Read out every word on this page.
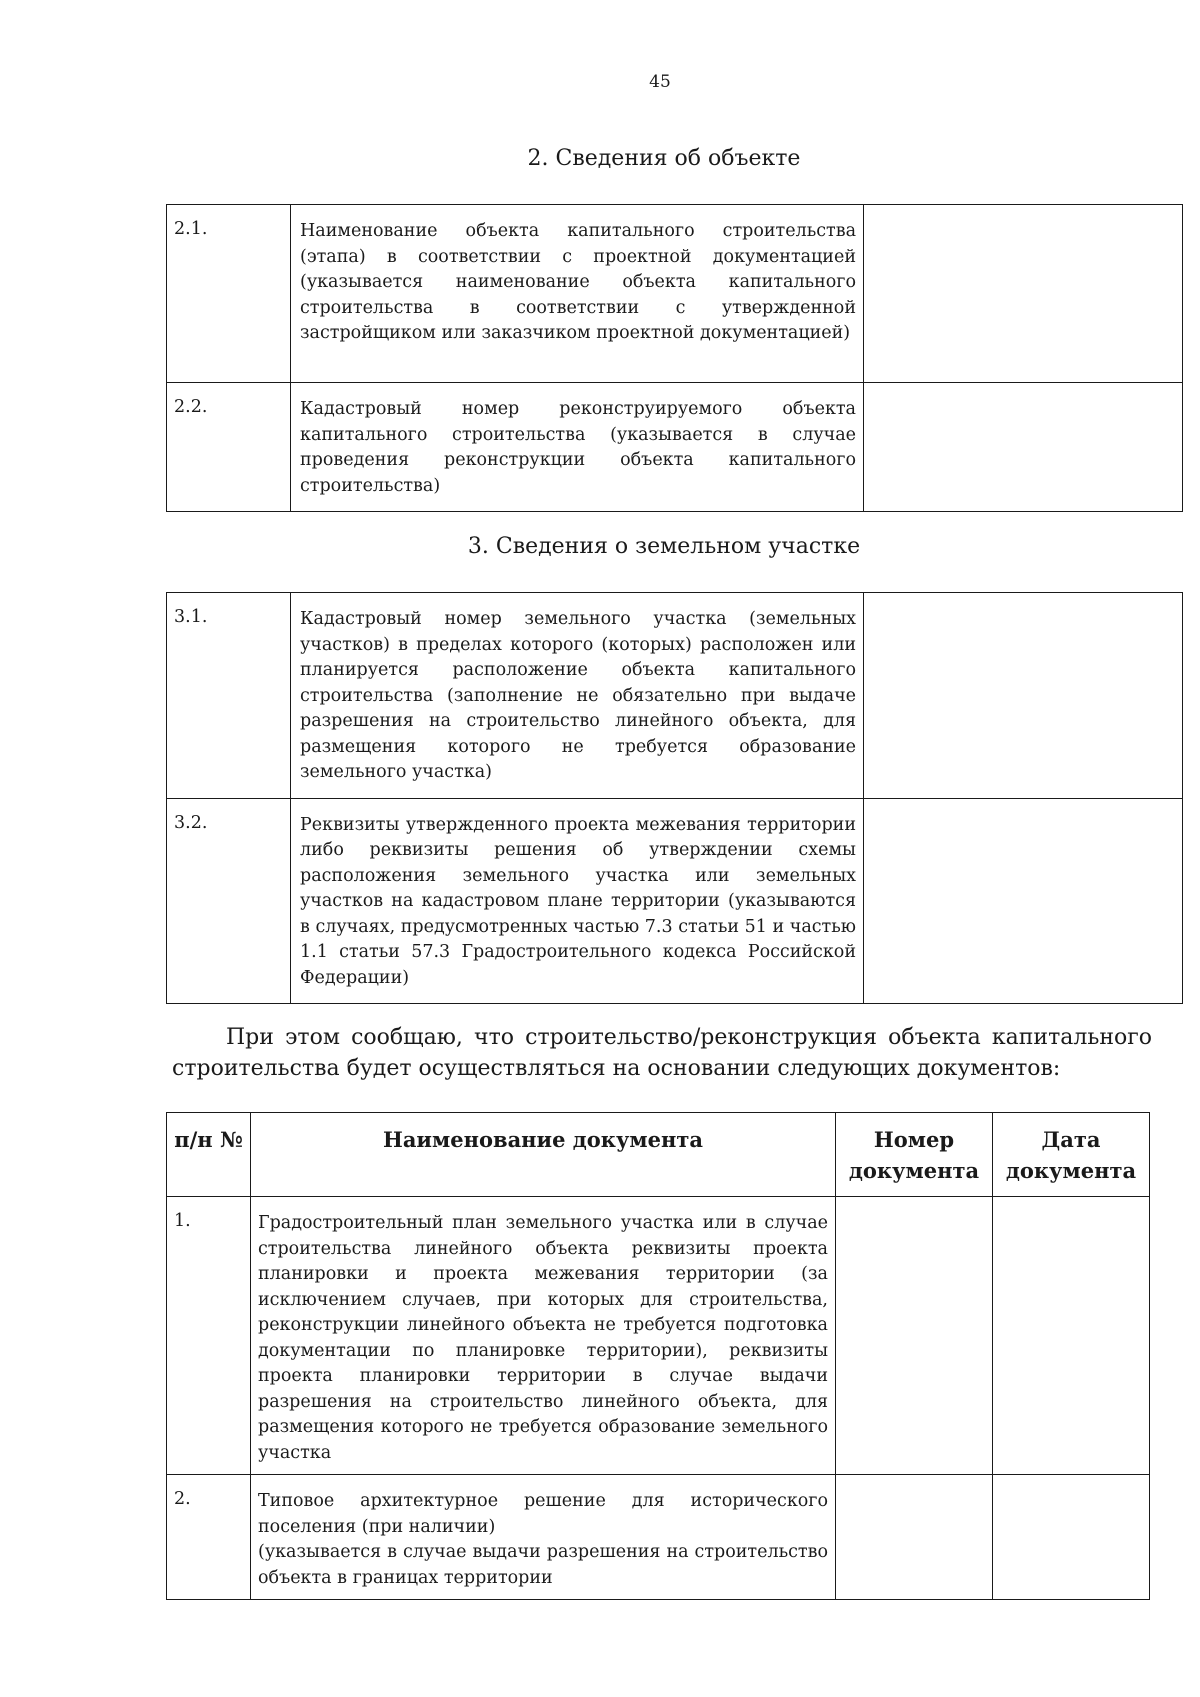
45
2. Сведения об объекте
2.1.	Наименование объекта капитального строительства (этапа) в соответствии с проектной документацией (указывается наименование объекта капитального строительства в соответствии с утвержденной застройщиком или заказчиком проектной документацией)	
2.2.	Кадастровый номер реконструируемого объекта капитального строительства (указывается в случае проведения реконструкции объекта капитального строительства)	
3. Сведения о земельном участке
3.1.	Кадастровый номер земельного участка (земельных участков) в пределах которого (которых) расположен или планируется расположение объекта капитального строительства (заполнение не обязательно при выдаче разрешения на строительство линейного объекта, для размещения которого не требуется образование земельного участка)	
3.2.	Реквизиты утвержденного проекта межевания территории либо реквизиты решения об утверждении схемы расположения земельного участка или земельных участков на кадастровом плане территории (указываются в случаях, предусмотренных частью 7.3 статьи 51 и частью 1.1 статьи 57.3 Градостроительного кодекса Российской Федерации)	
При этом сообщаю, что строительство/реконструкция объекта капитального строительства будет осуществляться на основании следующих документов:
п/н №	Наименование документа	Номер документа	Дата документа
1.	Градостроительный план земельного участка или в случае строительства линейного объекта реквизиты проекта планировки и проекта межевания территории (за исключением случаев, при которых для строительства, реконструкции линейного объекта не требуется подготовка документации по планировке территории), реквизиты проекта планировки территории в случае выдачи разрешения на строительство линейного объекта, для размещения которого не требуется образование земельного участка		

2.	Типовое архитектурное решение для исторического поселения (при наличии)
(указывается в случае выдачи разрешения на строительство объекта в границах территории		
